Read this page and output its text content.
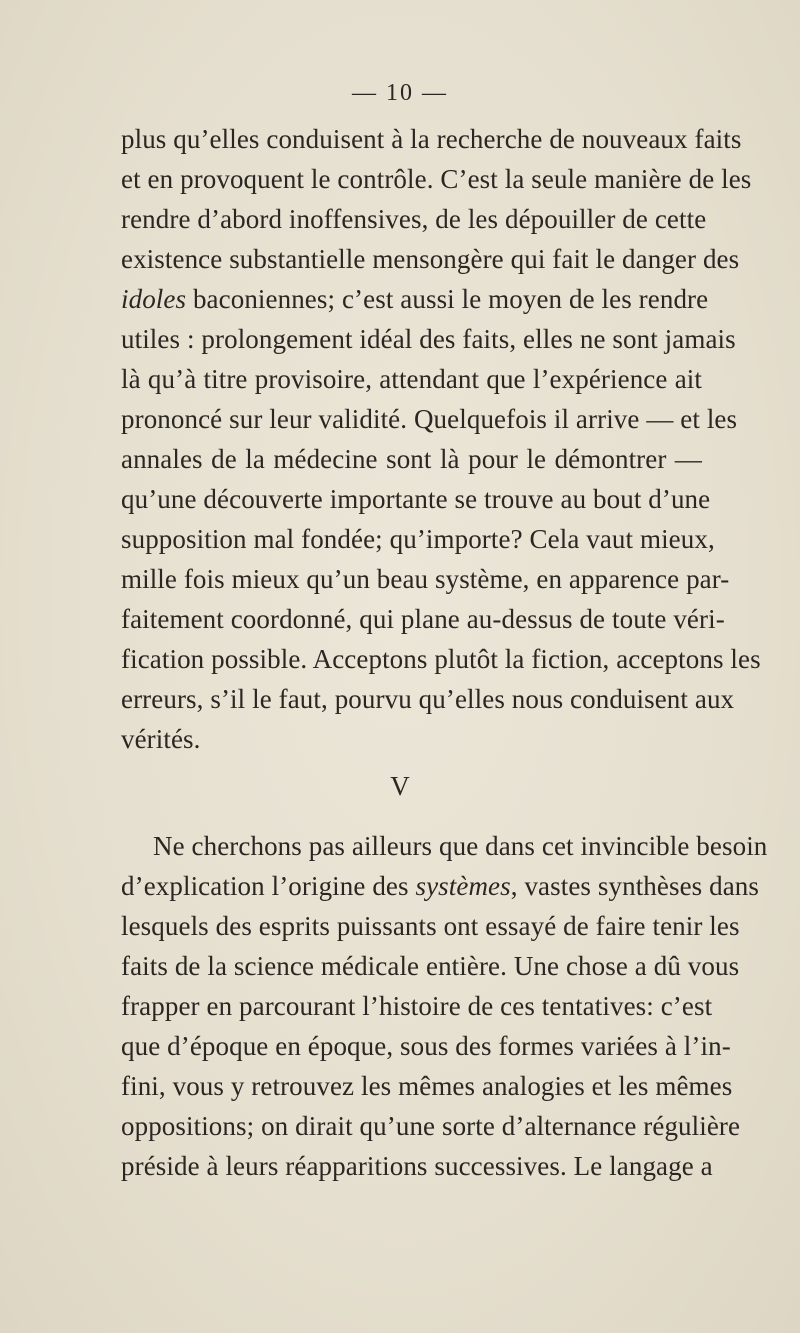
— 10 —
plus qu’elles conduisent à la recherche de nouveaux faits
et en provoquent le contrôle. C’est la seule manière de les
rendre d’abord inoffensives, de les dépouiller de cette
existence substantielle mensongère qui fait le danger des
idoles baconiennes; c’est aussi le moyen de les rendre
utiles : prolongement idéal des faits, elles ne sont jamais
là qu’à titre provisoire, attendant que l’expérience ait
prononcé sur leur validité. Quelquefois il arrive — et les
annales de la médecine sont là pour le démontrer —
qu’une découverte importante se trouve au bout d’une
supposition mal fondée; qu’importe? Cela vaut mieux,
mille fois mieux qu’un beau système, en apparence par-
faitement coordonné, qui plane au-dessus de toute véri-
fication possible. Acceptons plutôt la fiction, acceptons les
erreurs, s’il le faut, pourvu qu’elles nous conduisent aux
vérités.
V
Ne cherchons pas ailleurs que dans cet invincible besoin
d’explication l’origine des systèmes, vastes synthèses dans
lesquels des esprits puissants ont essayé de faire tenir les
faits de la science médicale entière. Une chose a dû vous
frapper en parcourant l’histoire de ces tentatives: c’est
que d’époque en époque, sous des formes variées à l’in-
fini, vous y retrouvez les mêmes analogies et les mêmes
oppositions; on dirait qu’une sorte d’alternance régulière
préside à leurs réapparitions successives. Le langage a
